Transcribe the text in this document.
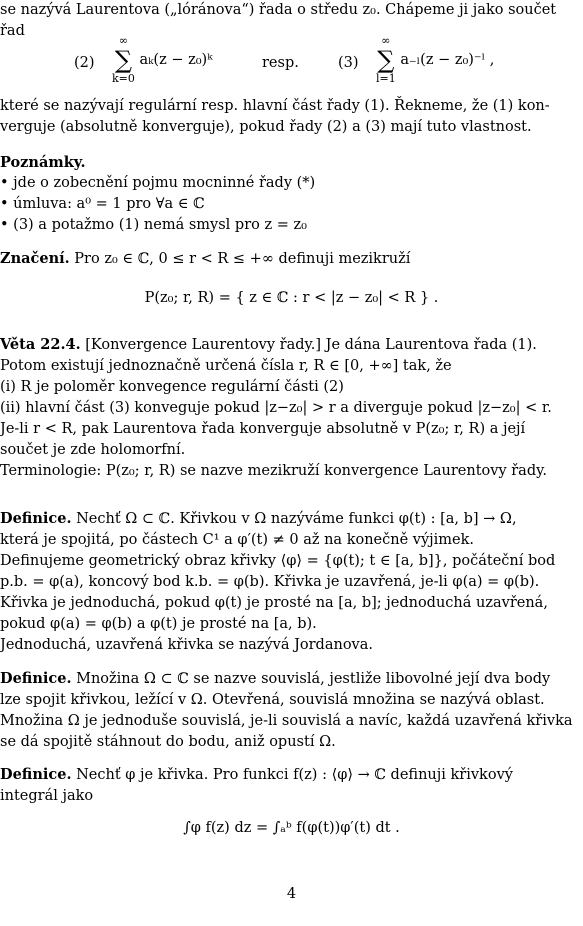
se nazývá Laurentova („lóránova“) řada o středu z₀. Chápeme ji jako součet

řad

(2)
∞
∑
k=0 aₖ(z − z₀)ᵏ	resp.	(3)
∞
∑
l=1 a₋ₗ(z − z₀)⁻ˡ ,

které se nazývají regulární resp. hlavní část řady (1). Řekneme, že (1) kon-

verguje (absolutně konverguje), pokud řady (2) a (3) mají tuto vlastnost.

Poznámky.

• jde o zobecnění pojmu mocninné řady (*)

• úmluva: a⁰ = 1 pro ∀a ∈ ℂ

• (3) a potažmo (1) nemá smysl pro z = z₀

Značení. Pro z₀ ∈ ℂ, 0 ≤ r < R ≤ +∞ definuji mezikruží

P(z₀; r, R) = { z ∈ ℂ : r < |z − z₀| < R } .

Věta 22.4. [Konvergence Laurentovy řady.] Je dána Laurentova řada (1).

Potom existují jednoznačně určená čísla r, R ∈ [0, +∞] tak, že

(i) R je poloměr konvegence regulární části (2)

(ii) hlavní část (3) konveguje pokud |z−z₀| > r a diverguje pokud |z−z₀| < r.

Je-li r < R, pak Laurentova řada konverguje absolutně v P(z₀; r, R) a její

součet je zde holomorfní.

Terminologie: P(z₀; r, R) se nazve mezikruží konvergence Laurentovy řady.

Definice. Nechť Ω ⊂ ℂ. Křivkou v Ω nazýváme funkci φ(t) : [a, b] → Ω,

která je spojitá, po částech C¹ a φ′(t) ≠ 0 až na konečně výjimek.

Definujeme geometrický obraz křivky ⟨φ⟩ = {φ(t); t ∈ [a, b]}, počáteční bod

p.b. = φ(a), koncový bod k.b. = φ(b). Křivka je uzavřená, je-li φ(a) = φ(b).

Křivka je jednoduchá, pokud φ(t) je prosté na [a, b]; jednoduchá uzavřená,

pokud φ(a) = φ(b) a φ(t) je prosté na [a, b).

Jednoduchá, uzavřená křivka se nazývá Jordanova.

Definice. Množina Ω ⊂ ℂ se nazve souvislá, jestliže libovolné její dva body

lze spojit křivkou, ležící v Ω. Otevřená, souvislá množina se nazývá oblast.

Množina Ω je jednoduše souvislá, je-li souvislá a navíc, každá uzavřená křivka

se dá spojitě stáhnout do bodu, aniž opustí Ω.

Definice. Nechť φ je křivka. Pro funkci f(z) : ⟨φ⟩ → ℂ definuji křivkový

integrál jako

∫φ f(z) dz = ∫ₐᵇ f(φ(t))φ′(t) dt .
4
